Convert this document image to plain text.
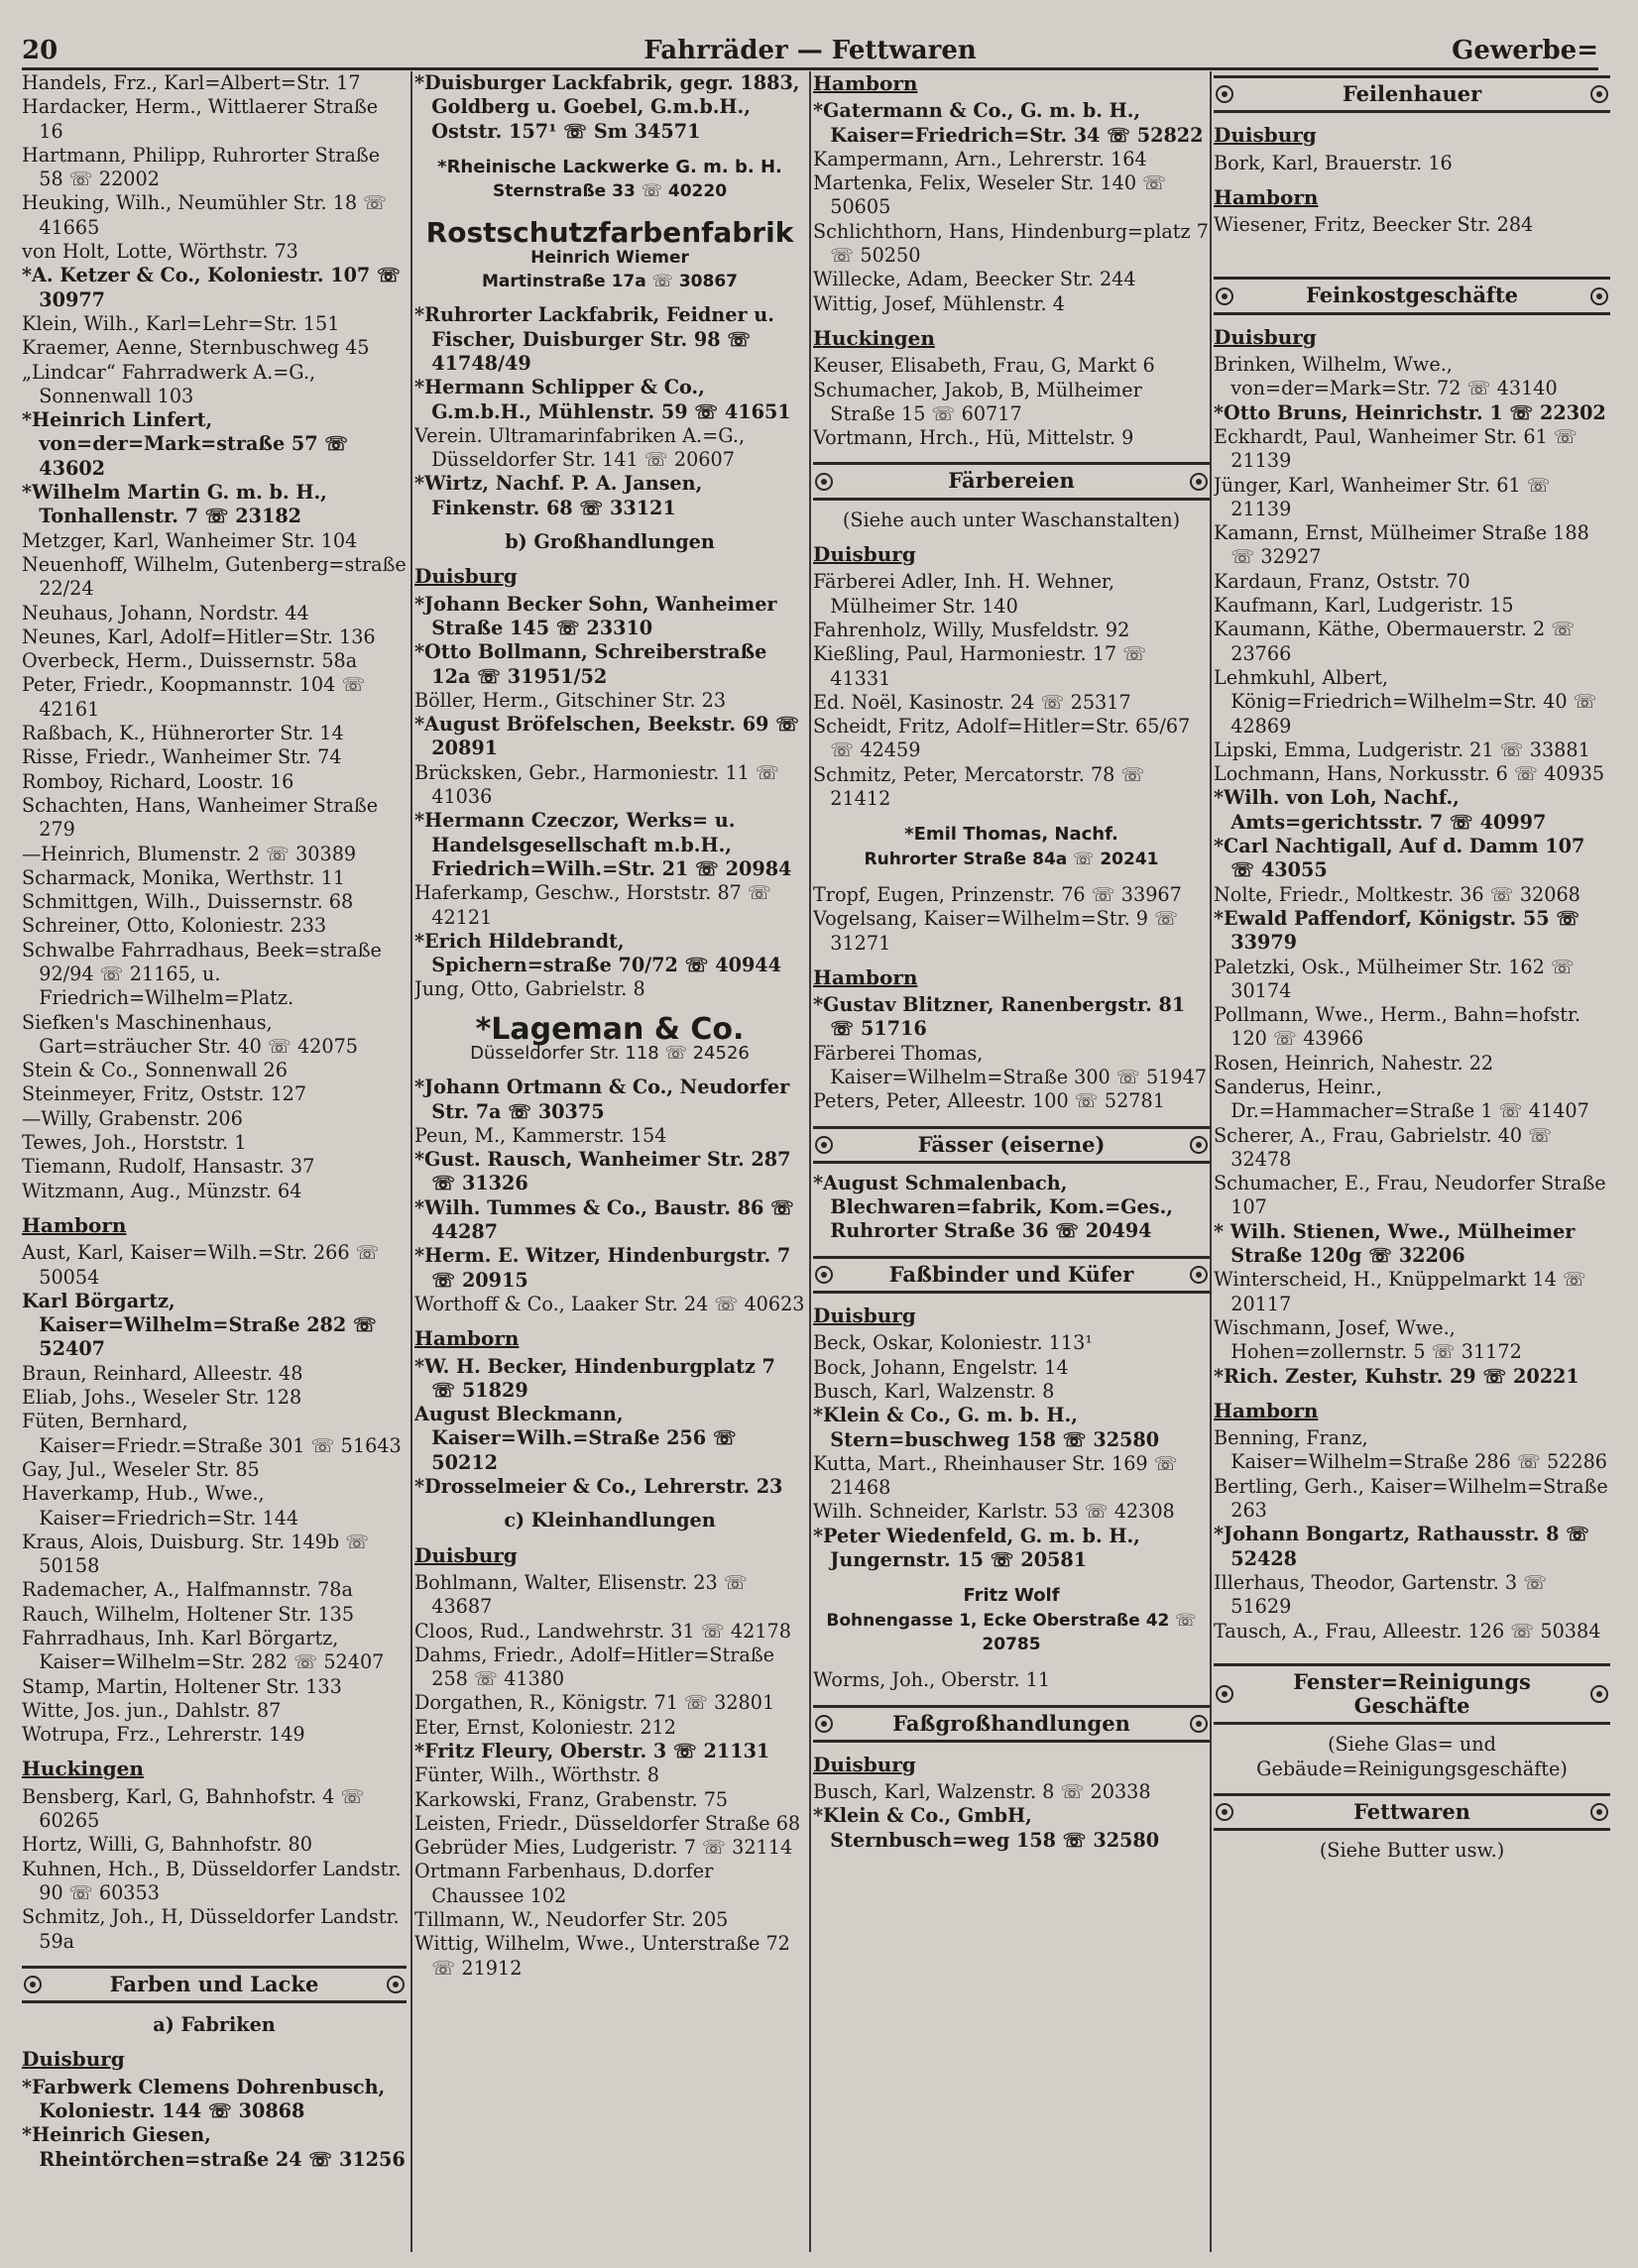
20	Fahrräder — Fettwaren	Gewerbe=
Handels, Frz., Karl=Albert=Str. 17
Hardacker, Herm., Wittlaerer Straße 16
Hartmann, Philipp, Ruhrorter Straße 58 ☏ 22002
Heuking, Wilh., Neumühler Str. 18 ☏ 41665
von Holt, Lotte, Wörthstr. 73
*A. Ketzer & Co., Koloniestr. 107 ☏ 30977
Klein, Wilh., Karl=Lehr=Str. 151
Kraemer, Aenne, Sternbuschweg 45
„Lindcar“ Fahrradwerk A.=G., Sonnenwall 103
*Heinrich Linfert, von=der=Mark=straße 57 ☏ 43602
*Wilhelm Martin G. m. b. H., Tonhallenstr. 7 ☏ 23182
Metzger, Karl, Wanheimer Str. 104
Neuenhoff, Wilhelm, Gutenberg=straße 22/24
Neuhaus, Johann, Nordstr. 44
Neunes, Karl, Adolf=Hitler=Str. 136
Overbeck, Herm., Duissernstr. 58a
Peter, Friedr., Koopmannstr. 104 ☏ 42161
Raßbach, K., Hühnerorter Str. 14
Risse, Friedr., Wanheimer Str. 74
Romboy, Richard, Loostr. 16
Schachten, Hans, Wanheimer Straße 279
—Heinrich, Blumenstr. 2 ☏ 30389
Scharmack, Monika, Werthstr. 11
Schmittgen, Wilh., Duissernstr. 68
Schreiner, Otto, Koloniestr. 233
Schwalbe Fahrradhaus, Beek=straße 92/94 ☏ 21165, u. Friedrich=Wilhelm=Platz.
Siefken's Maschinenhaus, Gart=sträucher Str. 40 ☏ 42075
Stein & Co., Sonnenwall 26
Steinmeyer, Fritz, Oststr. 127
—Willy, Grabenstr. 206
Tewes, Joh., Horststr. 1
Tiemann, Rudolf, Hansastr. 37
Witzmann, Aug., Münzstr. 64
Hamborn
Aust, Karl, Kaiser=Wilh.=Str. 266 ☏ 50054
Karl Börgartz, Kaiser=Wilhelm=Straße 282 ☏ 52407
Braun, Reinhard, Alleestr. 48
Eliab, Johs., Weseler Str. 128
Füten, Bernhard, Kaiser=Friedr.=Straße 301 ☏ 51643
Gay, Jul., Weseler Str. 85
Haverkamp, Hub., Wwe., Kaiser=Friedrich=Str. 144
Kraus, Alois, Duisburg. Str. 149b ☏ 50158
Rademacher, A., Halfmannstr. 78a
Rauch, Wilhelm, Holtener Str. 135
Fahrradhaus, Inh. Karl Börgartz, Kaiser=Wilhelm=Str. 282 ☏ 52407
Stamp, Martin, Holtener Str. 133
Witte, Jos. jun., Dahlstr. 87
Wotrupa, Frz., Lehrerstr. 149
Huckingen
Bensberg, Karl, G, Bahnhofstr. 4 ☏ 60265
Hortz, Willi, G, Bahnhofstr. 80
Kuhnen, Hch., B, Düsseldorfer Landstr. 90 ☏ 60353
Schmitz, Joh., H, Düsseldorfer Landstr. 59a
Farben und Lacke
a) Fabriken
Duisburg
*Farbwerk Clemens Dohrenbusch, Koloniestr. 144 ☏ 30868
*Heinrich Giesen, Rheintörchen=straße 24 ☏ 31256
*Duisburger Lackfabrik, gegr. 1883, Goldberg u. Goebel, G.m.b.H., Oststr. 157¹ ☏ Sm 34571
*Rheinische Lackwerke G. m. b. H.
Sternstraße 33 ☏ 40220
Rostschutzfarbenfabrik
Heinrich Wiemer
Martinstraße 17a ☏ 30867
*Ruhrorter Lackfabrik, Feidner u. Fischer, Duisburger Str. 98 ☏ 41748/49
*Hermann Schlipper & Co., G.m.b.H., Mühlenstr. 59 ☏ 41651
Verein. Ultramarinfabriken A.=G., Düsseldorfer Str. 141 ☏ 20607
*Wirtz, Nachf. P. A. Jansen, Finkenstr. 68 ☏ 33121
b) Großhandlungen
Duisburg
*Johann Becker Sohn, Wanheimer Straße 145 ☏ 23310
*Otto Bollmann, Schreiberstraße 12a ☏ 31951/52
Böller, Herm., Gitschiner Str. 23
*August Bröfelschen, Beekstr. 69 ☏ 20891
Brücksken, Gebr., Harmoniestr. 11 ☏ 41036
*Hermann Czeczor, Werks= u. Handelsgesellschaft m.b.H., Friedrich=Wilh.=Str. 21 ☏ 20984
Haferkamp, Geschw., Horststr. 87 ☏ 42121
*Erich Hildebrandt, Spichern=straße 70/72 ☏ 40944
Jung, Otto, Gabrielstr. 8
*Lageman & Co.
Düsseldorfer Str. 118 ☏ 24526
*Johann Ortmann & Co., Neudorfer Str. 7a ☏ 30375
Peun, M., Kammerstr. 154
*Gust. Rausch, Wanheimer Str. 287 ☏ 31326
*Wilh. Tummes & Co., Baustr. 86 ☏ 44287
*Herm. E. Witzer, Hindenburgstr. 7 ☏ 20915
Worthoff & Co., Laaker Str. 24 ☏ 40623
Hamborn
*W. H. Becker, Hindenburgplatz 7 ☏ 51829
August Bleckmann, Kaiser=Wilh.=Straße 256 ☏ 50212
*Drosselmeier & Co., Lehrerstr. 23
c) Kleinhandlungen
Duisburg
Bohlmann, Walter, Elisenstr. 23 ☏ 43687
Cloos, Rud., Landwehrstr. 31 ☏ 42178
Dahms, Friedr., Adolf=Hitler=Straße 258 ☏ 41380
Dorgathen, R., Königstr. 71 ☏ 32801
Eter, Ernst, Koloniestr. 212
*Fritz Fleury, Oberstr. 3 ☏ 21131
Fünter, Wilh., Wörthstr. 8
Karkowski, Franz, Grabenstr. 75
Leisten, Friedr., Düsseldorfer Straße 68
Gebrüder Mies, Ludgeristr. 7 ☏ 32114
Ortmann Farbenhaus, D.dorfer Chaussee 102
Tillmann, W., Neudorfer Str. 205
Wittig, Wilhelm, Wwe., Unterstraße 72 ☏ 21912
Hamborn
*Gatermann & Co., G. m. b. H., Kaiser=Friedrich=Str. 34 ☏ 52822
Kampermann, Arn., Lehrerstr. 164
Martenka, Felix, Weseler Str. 140 ☏ 50605
Schlichthorn, Hans, Hindenburg=platz 7 ☏ 50250
Willecke, Adam, Beecker Str. 244
Wittig, Josef, Mühlenstr. 4
Huckingen
Keuser, Elisabeth, Frau, G, Markt 6
Schumacher, Jakob, B, Mülheimer Straße 15 ☏ 60717
Vortmann, Hrch., Hü, Mittelstr. 9
Färbereien
(Siehe auch unter Waschanstalten)
Duisburg
Färberei Adler, Inh. H. Wehner, Mülheimer Str. 140
Fahrenholz, Willy, Musfeldstr. 92
Kießling, Paul, Harmoniestr. 17 ☏ 41331
Ed. Noël, Kasinostr. 24 ☏ 25317
Scheidt, Fritz, Adolf=Hitler=Str. 65/67 ☏ 42459
Schmitz, Peter, Mercatorstr. 78 ☏ 21412
*Emil Thomas, Nachf.
Ruhrorter Straße 84a ☏ 20241
Tropf, Eugen, Prinzenstr. 76 ☏ 33967
Vogelsang, Kaiser=Wilhelm=Str. 9 ☏ 31271
Hamborn
*Gustav Blitzner, Ranenbergstr. 81 ☏ 51716
Färberei Thomas, Kaiser=Wilhelm=Straße 300 ☏ 51947
Peters, Peter, Alleestr. 100 ☏ 52781
Fässer (eiserne)
*August Schmalenbach, Blechwaren=fabrik, Kom.=Ges., Ruhrorter Straße 36 ☏ 20494
Faßbinder und Küfer
Duisburg
Beck, Oskar, Koloniestr. 113¹
Bock, Johann, Engelstr. 14
Busch, Karl, Walzenstr. 8
*Klein & Co., G. m. b. H., Stern=buschweg 158 ☏ 32580
Kutta, Mart., Rheinhauser Str. 169 ☏ 21468
Wilh. Schneider, Karlstr. 53 ☏ 42308
*Peter Wiedenfeld, G. m. b. H., Jungernstr. 15 ☏ 20581
Fritz Wolf
Bohnengasse 1, Ecke Oberstraße 42 ☏ 20785
Worms, Joh., Oberstr. 11
Faßgroßhandlungen
Duisburg
Busch, Karl, Walzenstr. 8 ☏ 20338
*Klein & Co., GmbH, Sternbusch=weg 158 ☏ 32580
Feilenhauer
Duisburg
Bork, Karl, Brauerstr. 16
Hamborn
Wiesener, Fritz, Beecker Str. 284
Feinkostgeschäfte
Duisburg
Brinken, Wilhelm, Wwe., von=der=Mark=Str. 72 ☏ 43140
*Otto Bruns, Heinrichstr. 1 ☏ 22302
Eckhardt, Paul, Wanheimer Str. 61 ☏ 21139
Jünger, Karl, Wanheimer Str. 61 ☏ 21139
Kamann, Ernst, Mülheimer Straße 188 ☏ 32927
Kardaun, Franz, Oststr. 70
Kaufmann, Karl, Ludgeristr. 15
Kaumann, Käthe, Obermauerstr. 2 ☏ 23766
Lehmkuhl, Albert, König=Friedrich=Wilhelm=Str. 40 ☏ 42869
Lipski, Emma, Ludgeristr. 21 ☏ 33881
Lochmann, Hans, Norkusstr. 6 ☏ 40935
*Wilh. von Loh, Nachf., Amts=gerichtsstr. 7 ☏ 40997
*Carl Nachtigall, Auf d. Damm 107 ☏ 43055
Nolte, Friedr., Moltkestr. 36 ☏ 32068
*Ewald Paffendorf, Königstr. 55 ☏ 33979
Paletzki, Osk., Mülheimer Str. 162 ☏ 30174
Pollmann, Wwe., Herm., Bahn=hofstr. 120 ☏ 43966
Rosen, Heinrich, Nahestr. 22
Sanderus, Heinr., Dr.=Hammacher=Straße 1 ☏ 41407
Scherer, A., Frau, Gabrielstr. 40 ☏ 32478
Schumacher, E., Frau, Neudorfer Straße 107
* Wilh. Stienen, Wwe., Mülheimer Straße 120g ☏ 32206
Winterscheid, H., Knüppelmarkt 14 ☏ 20117
Wischmann, Josef, Wwe., Hohen=zollernstr. 5 ☏ 31172
*Rich. Zester, Kuhstr. 29 ☏ 20221
Hamborn
Benning, Franz, Kaiser=Wilhelm=Straße 286 ☏ 52286
Bertling, Gerh., Kaiser=Wilhelm=Straße 263
*Johann Bongartz, Rathausstr. 8 ☏ 52428
Illerhaus, Theodor, Gartenstr. 3 ☏ 51629
Tausch, A., Frau, Alleestr. 126 ☏ 50384
Fenster=Reinigungs Geschäfte
(Siehe Glas= und Gebäude=Reinigungsgeschäfte)
Fettwaren
(Siehe Butter usw.)
